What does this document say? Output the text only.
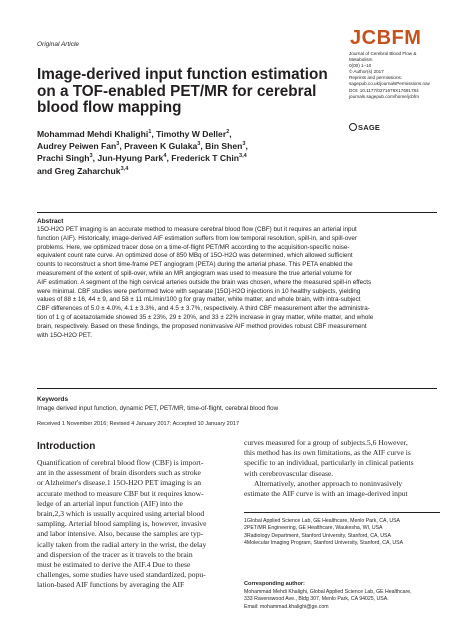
Original Article	JCBFM
Journal of Cerebral Blood Flow &
Metabolism
0(00) 1–10
© Author(s) 2017
Reprints and permissions:
sagepub.co.uk/journalsPermissions.nav
DOI: 10.1177/0271678X17691784
journals.sagepub.com/home/jcbfm
SAGE
Image-derived input function estimation
on a TOF-enabled PET/MR for cerebral
blood flow mapping
Mohammad Mehdi Khalighi$^1$, Timothy W Deller$^2$,
Audrey Peiwen Fan$^3$, Praveen K Gulaka$^3$, Bin Shen$^3$,
Prachi Singh$^3$, Jun-Hyung Park$^4$, Frederick T Chin$^{3,4}$
and Greg Zaharchuk$^{3,4}$
Abstract
15O-H2O PET imaging is an accurate method to measure cerebral blood flow (CBF) but it requires an arterial input
function (AIF). Historically, image-derived AIF estimation suffers from low temporal resolution, spill-in, and spill-over
problems. Here, we optimized tracer dose on a time-of-flight PET/MR according to the acquisition-specific noise-
equivalent count rate curve. An optimized dose of 850 MBq of 15O-H2O was determined, which allowed sufficient
counts to reconstruct a short time-frame PET angiogram (PETA) during the arterial phase. This PETA enabled the
measurement of the extent of spill-over, while an MR angiogram was used to measure the true arterial volume for
AIF estimation. A segment of the high cervical arteries outside the brain was chosen, where the measured spill-in effects
were minimal. CBF studies were performed twice with separate [15O]-H2O injections in 10 healthy subjects, yielding
values of 88 ± 16, 44 ± 9, and 58 ± 11 mL/min/100 g for gray matter, white matter, and whole brain, with intra-subject
CBF differences of 5.0 ± 4.0%, 4.1 ± 3.3%, and 4.5 ± 3.7%, respectively. A third CBF measurement after the administra-
tion of 1 g of acetazolamide showed 35 ± 23%, 29 ± 20%, and 33 ± 22% increase in gray matter, white matter, and whole
brain, respectively. Based on these findings, the proposed noninvasive AIF method provides robust CBF measurement
with 15O-H2O PET.
Keywords
Image derived input function, dynamic PET, PET/MR, time-of-flight, cerebral blood flow
Received 1 November 2016; Revised 4 January 2017; Accepted 10 January 2017
Introduction
Quantification of cerebral blood flow (CBF) is import-
ant in the assessment of brain disorders such as stroke
or Alzheimer's disease.1 15O-H2O PET imaging is an
accurate method to measure CBF but it requires know-
ledge of an arterial input function (AIF) into the
brain,2,3 which is usually acquired using arterial blood
sampling. Arterial blood sampling is, however, invasive
and labor intensive. Also, because the samples are typ-
ically taken from the radial artery in the wrist, the delay
and dispersion of the tracer as it travels to the brain
must be estimated to derive the AIF.4 Due to these
challenges, some studies have used standardized, popu-
lation-based AIF functions by averaging the AIF
curves measured for a group of subjects.5,6 However,
this method has its own limitations, as the AIF curve is
specific to an individual, particularly in clinical patients
with cerebrovascular disease.
Alternatively, another approach to noninvasively
estimate the AIF curve is with an image-derived input
1Global Applied Science Lab, GE Healthcare, Menlo Park, CA, USA
2PET/MR Engineering, GE Healthcare, Waukesha, WI, USA
3Radiology Department, Stanford University, Stanford, CA, USA
4Molecular Imaging Program, Stanford University, Stanford, CA, USA
Corresponding author:
Mohammad Mehdi Khalighi, Global Applied Science Lab, GE Healthcare,
333 Ravenswood Ave., Bldg 307, Menlo Park, CA 94025, USA.
Email: mohammad.khalighi@ge.com
